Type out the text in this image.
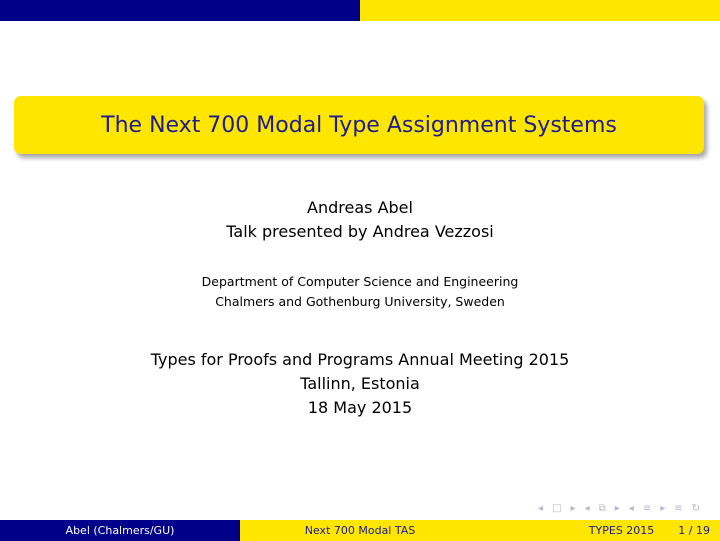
The Next 700 Modal Type Assignment Systems
Andreas Abel
Talk presented by Andrea Vezzosi
Department of Computer Science and Engineering
Chalmers and Gothenburg University, Sweden
Types for Proofs and Programs Annual Meeting 2015
Tallinn, Estonia
18 May 2015
◂ □ ▸ ◂ ⧉ ▸ ◂ ≡ ▸ ≡ ↻
Abel (Chalmers/GU)	Next 700 Modal TAS	TYPES 2015 1 / 19
